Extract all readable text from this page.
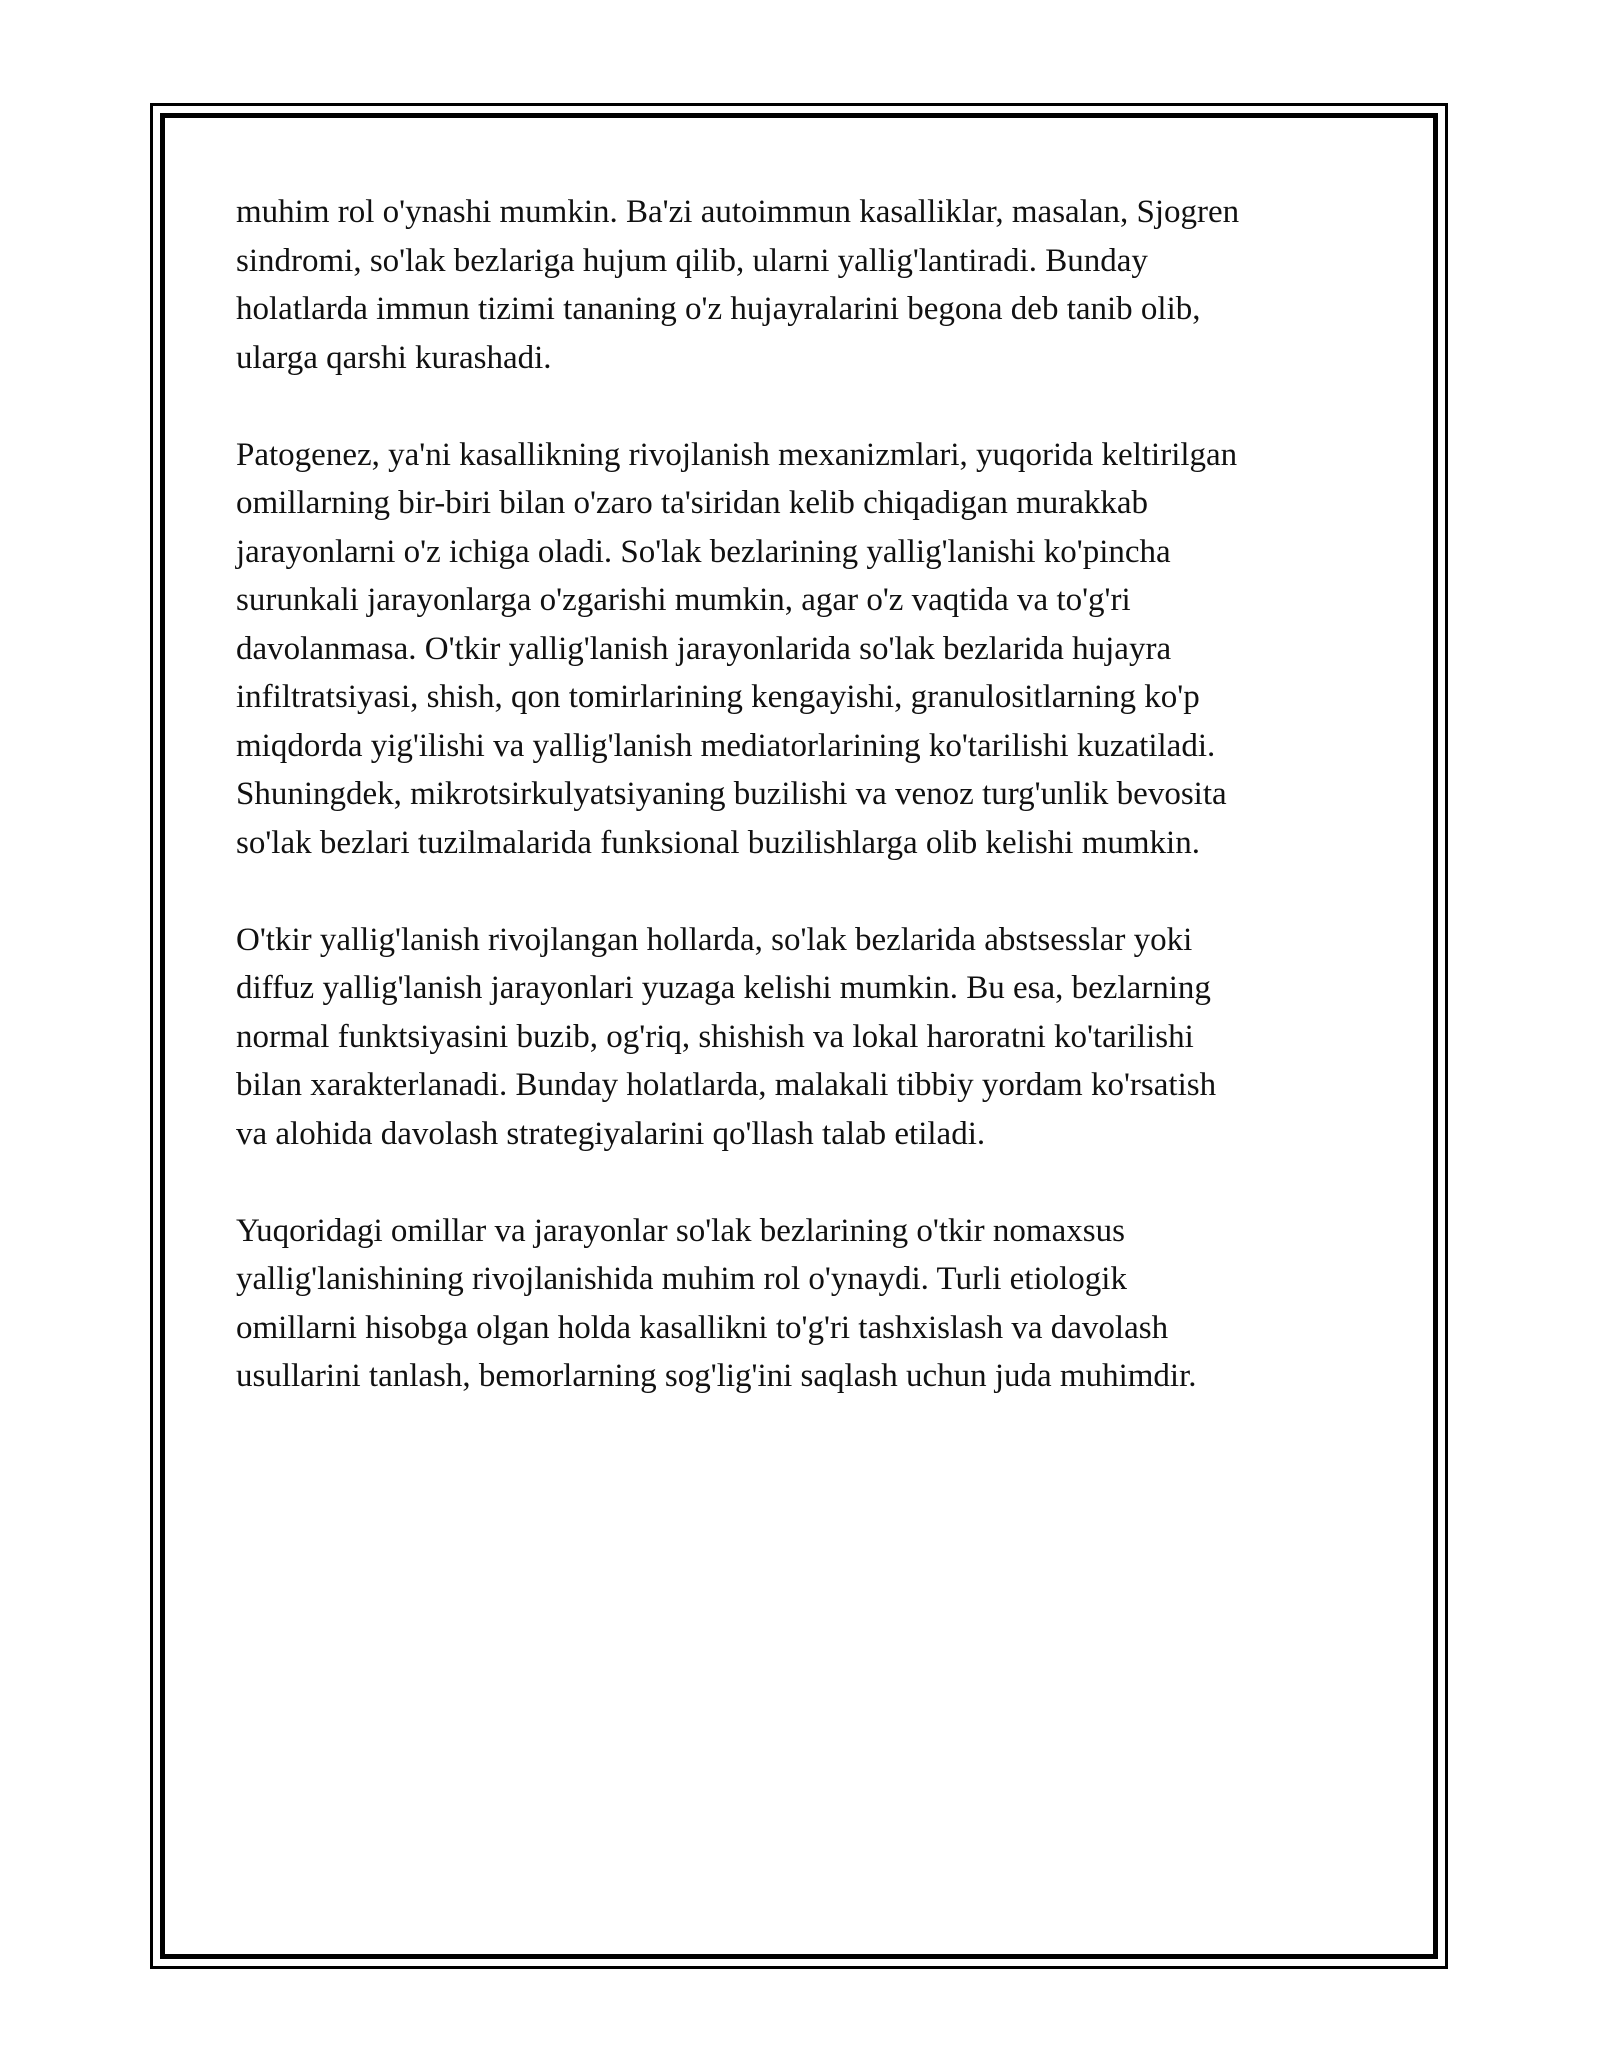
muhim rol o'ynashi mumkin. Ba'zi autoimmun kasalliklar, masalan, Sjogren
sindromi, so'lak bezlariga hujum qilib, ularni yallig'lantiradi. Bunday
holatlarda immun tizimi tananing o'z hujayralarini begona deb tanib olib,
ularga qarshi kurashadi.
Patogenez, ya'ni kasallikning rivojlanish mexanizmlari, yuqorida keltirilgan
omillarning bir-biri bilan o'zaro ta'siridan kelib chiqadigan murakkab
jarayonlarni o'z ichiga oladi. So'lak bezlarining yallig'lanishi ko'pincha
surunkali jarayonlarga o'zgarishi mumkin, agar o'z vaqtida va to'g'ri
davolanmasa. O'tkir yallig'lanish jarayonlarida so'lak bezlarida hujayra
infiltratsiyasi, shish, qon tomirlarining kengayishi, granulositlarning ko'p
miqdorda yig'ilishi va yallig'lanish mediatorlarining ko'tarilishi kuzatiladi.
Shuningdek, mikrotsirkulyatsiyaning buzilishi va venoz turg'unlik bevosita
so'lak bezlari tuzilmalarida funksional buzilishlarga olib kelishi mumkin.
O'tkir yallig'lanish rivojlangan hollarda, so'lak bezlarida abstsesslar yoki
diffuz yallig'lanish jarayonlari yuzaga kelishi mumkin. Bu esa, bezlarning
normal funktsiyasini buzib, og'riq, shishish va lokal haroratni ko'tarilishi
bilan xarakterlanadi. Bunday holatlarda, malakali tibbiy yordam ko'rsatish
va alohida davolash strategiyalarini qo'llash talab etiladi.
Yuqoridagi omillar va jarayonlar so'lak bezlarining o'tkir nomaxsus
yallig'lanishining rivojlanishida muhim rol o'ynaydi. Turli etiologik
omillarni hisobga olgan holda kasallikni to'g'ri tashxislash va davolash
usullarini tanlash, bemorlarning sog'lig'ini saqlash uchun juda muhimdir.
